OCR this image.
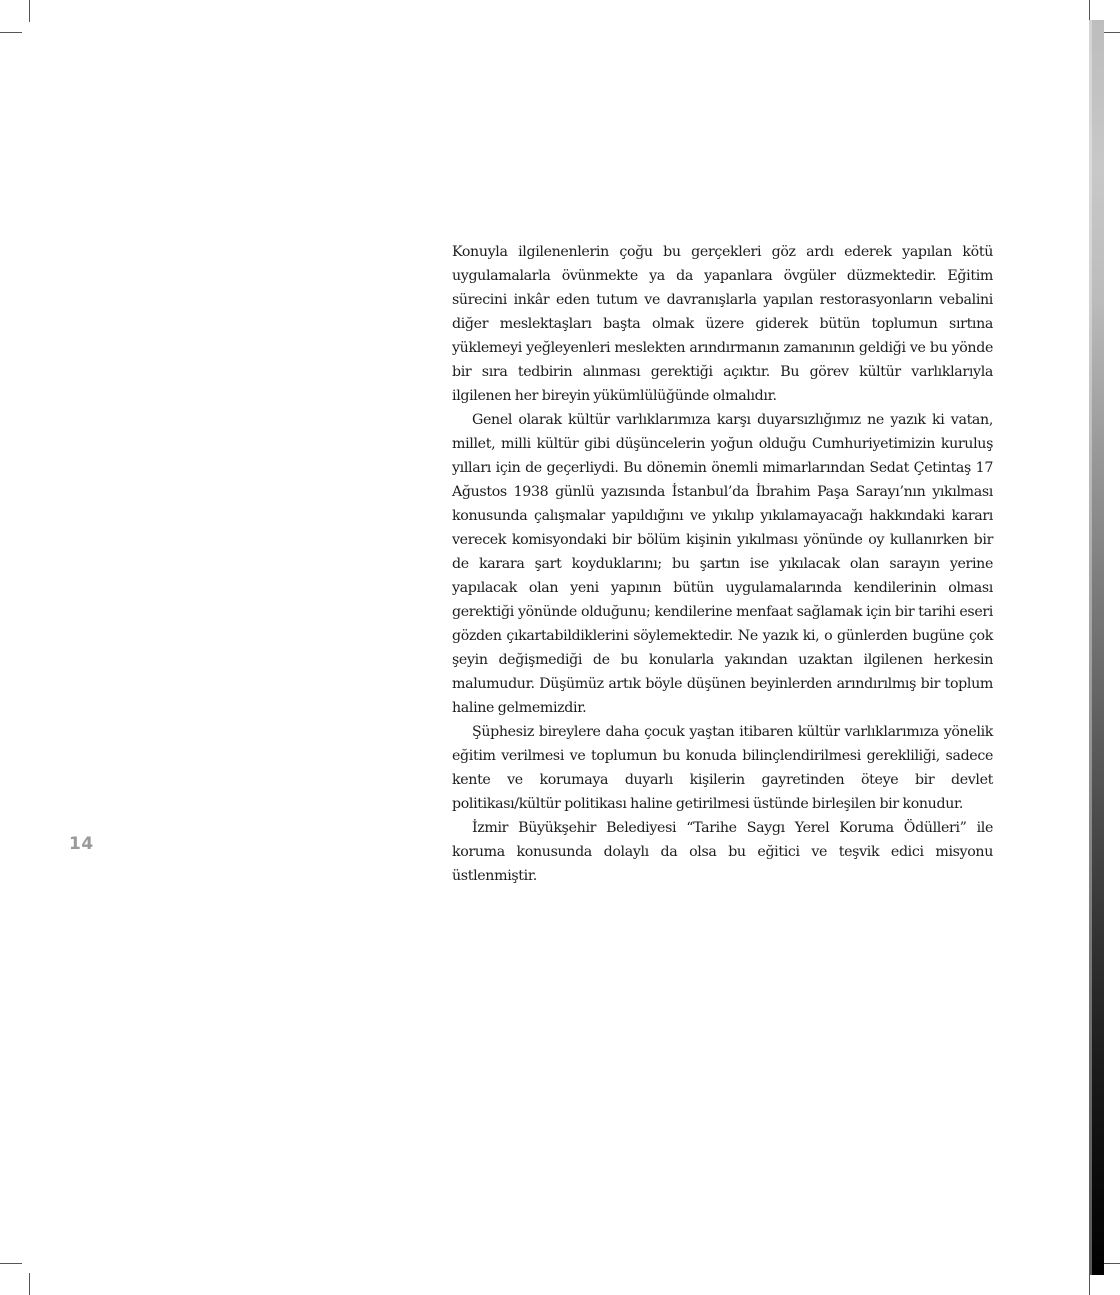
Konuyla ilgilenenlerin çoğu bu gerçekleri göz ardı ederek yapılan kötü uygulamalarla övünmekte ya da yapanlara övgüler düzmektedir. Eğitim sürecini inkâr eden tutum ve davranışlarla yapılan restorasyonların vebalini diğer meslektaşları başta olmak üzere giderek bütün toplumun sırtına yüklemeyi yeğleyenleri meslekten arındırmanın zamanının geldiği ve bu yönde bir sıra tedbirin alınması gerektiği açıktır. Bu görev kültür varlıklarıyla ilgilenen her bireyin yükümlülüğünde olmalıdır.

Genel olarak kültür varlıklarımıza karşı duyarsızlığımız ne yazık ki vatan, millet, milli kültür gibi düşüncelerin yoğun olduğu Cumhuriyetimizin kuruluş yılları için de geçerliydi. Bu dönemin önemli mimarlarından Sedat Çetintaş 17 Ağustos 1938 günlü yazısında İstanbul’da İbrahim Paşa Sarayı’nın yıkılması konusunda çalışmalar yapıldığını ve yıkılıp yıkılamayacağı hakkındaki kararı verecek komisyondaki bir bölüm kişinin yıkılması yönünde oy kullanırken bir de karara şart koyduklarını; bu şartın ise yıkılacak olan sarayın yerine yapılacak olan yeni yapının bütün uygulamalarında kendilerinin olması gerektiği yönünde olduğunu; kendilerine menfaat sağlamak için bir tarihi eseri gözden çıkartabildiklerini söylemektedir. Ne yazık ki, o günlerden bugüne çok şeyin değişmediği de bu konularla yakından uzaktan ilgilenen herkesin malumudur. Düşümüz artık böyle düşünen beyinlerden arındırılmış bir toplum haline gelmemizdir.

Şüphesiz bireylere daha çocuk yaştan itibaren kültür varlıklarımıza yönelik eğitim verilmesi ve toplumun bu konuda bilinçlendirilmesi gerekliliği, sadece kente ve korumaya duyarlı kişilerin gayretinden öteye bir devlet politikası/kültür politikası haline getirilmesi üstünde birleşilen bir konudur.

İzmir Büyükşehir Belediyesi “Tarihe Saygı Yerel Koruma Ödülleri” ile koruma konusunda dolaylı da olsa bu eğitici ve teşvik edici misyonu üstlenmiştir.

14
